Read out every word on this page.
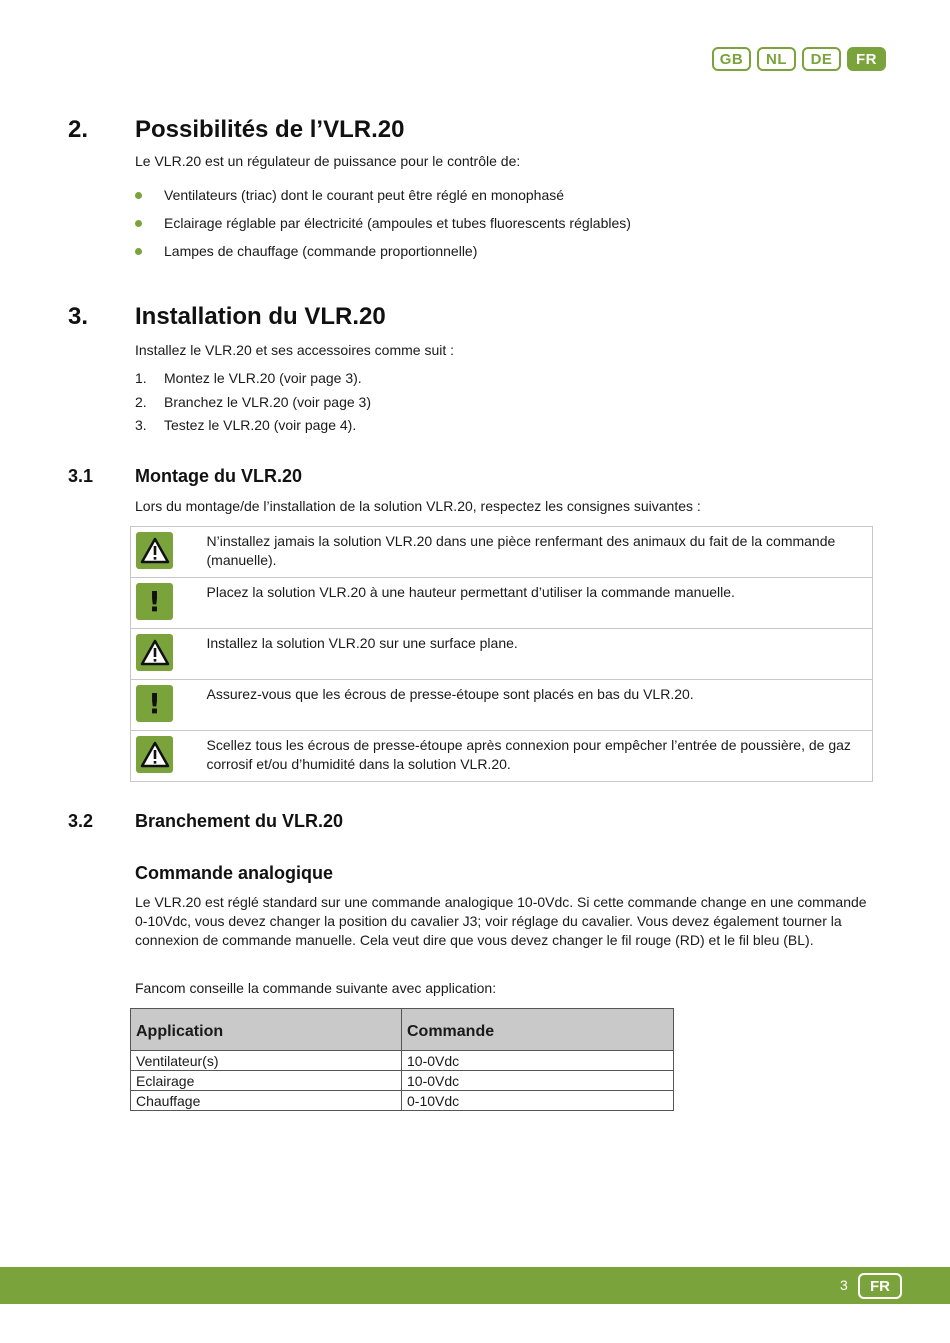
GB	NL	DE	FR
2. Possibilités de l’VLR.20
Le VLR.20 est un régulateur de puissance pour le contrôle de:
Ventilateurs (triac) dont le courant peut être réglé en monophasé
Eclairage réglable par électricité (ampoules et tubes fluorescents réglables)
Lampes de chauffage (commande proportionnelle)
3. Installation du VLR.20
Installez le VLR.20 et ses accessoires comme suit :
1. Montez le VLR.20 (voir page 3).
2. Branchez le VLR.20 (voir page 3)
3. Testez le VLR.20 (voir page 4).
3.1 Montage du VLR.20
Lors du montage/de l’installation de la solution VLR.20, respectez les consignes suivantes :
	N’installez jamais la solution VLR.20 dans une pièce renfermant des animaux du fait de la commande (manuelle).

!	Placez la solution VLR.20 à une hauteur permettant d’utiliser la commande manuelle.

	Installez la solution VLR.20 sur une surface plane.

!	Assurez-vous que les écrous de presse-étoupe sont placés en bas du VLR.20.

	Scellez tous les écrous de presse-étoupe après connexion pour empêcher l’entrée de poussière, de gaz corrosif et/ou d’humidité dans la solution VLR.20.
3.2 Branchement du VLR.20
Commande analogique
Le VLR.20 est réglé standard sur une commande analogique 10-0Vdc. Si cette commande change en une commande 0-10Vdc, vous devez changer la position du cavalier J3; voir réglage du cavalier. Vous devez également tourner la connexion de commande manuelle. Cela veut dire que vous devez changer le fil rouge (RD) et le fil bleu (BL).
Fancom conseille la commande suivante avec application:
Application	Commande
Ventilateur(s)	10-0Vdc
Eclairage	10-0Vdc
Chauffage	0-10Vdc
3	FR
